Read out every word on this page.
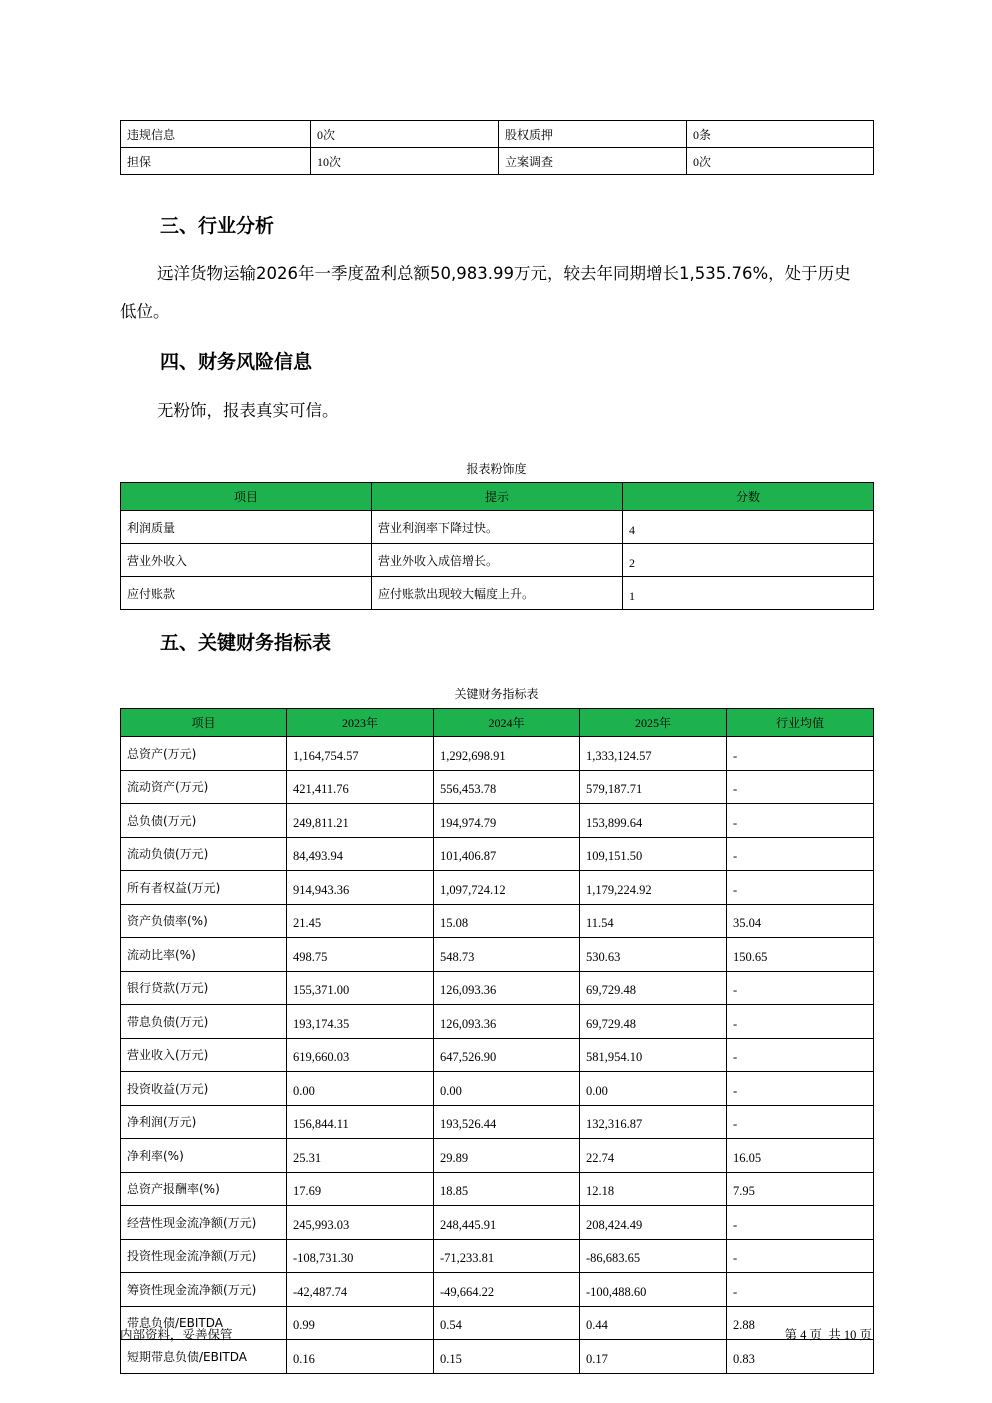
违规信息	0次	股权质押	0条
担保	10次	立案调查	0次
三、行业分析

远洋货物运输2026年一季度盈利总额50,983.99万元，较去年同期增长1,535.76%，处于历史
低位。

四、财务风险信息

无粉饰，报表真实可信。

报表粉饰度

项目	提示	分数
利润质量	营业利润率下降过快。	4
营业外收入	营业外收入成倍增长。	2
应付账款	应付账款出现较大幅度上升。	1
五、关键财务指标表

关键财务指标表

项目	2023年	2024年	2025年	行业均值
总资产(万元)	1,164,754.57	1,292,698.91	1,333,124.57	-
流动资产(万元)	421,411.76	556,453.78	579,187.71	-
总负债(万元)	249,811.21	194,974.79	153,899.64	-
流动负债(万元)	84,493.94	101,406.87	109,151.50	-
所有者权益(万元)	914,943.36	1,097,724.12	1,179,224.92	-
资产负债率(%)	21.45	15.08	11.54	35.04
流动比率(%)	498.75	548.73	530.63	150.65
银行贷款(万元)	155,371.00	126,093.36	69,729.48	-
带息负债(万元)	193,174.35	126,093.36	69,729.48	-
营业收入(万元)	619,660.03	647,526.90	581,954.10	-
投资收益(万元)	0.00	0.00	0.00	-
净利润(万元)	156,844.11	193,526.44	132,316.87	-
净利率(%)	25.31	29.89	22.74	16.05
总资产报酬率(%)	17.69	18.85	12.18	7.95
经营性现金流净额(万元)	245,993.03	248,445.91	208,424.49	-
投资性现金流净额(万元)	-108,731.30	-71,233.81	-86,683.65	-
筹资性现金流净额(万元)	-42,487.74	-49,664.22	-100,488.60	-
带息负债/EBITDA	0.99	0.54	0.44	2.88
短期带息负债/EBITDA	0.16	0.15	0.17	0.83

内部资料，妥善保管	第 4 页  共 10 页
